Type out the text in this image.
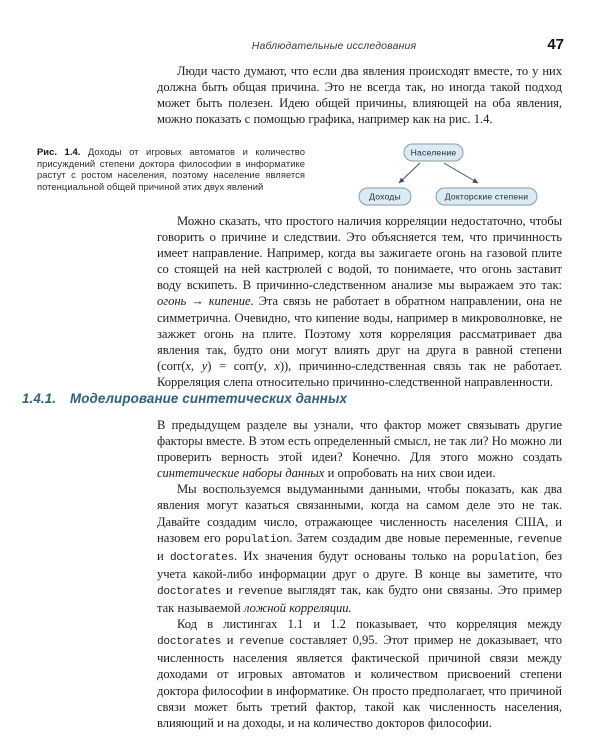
Наблюдательные исследования	47

Люди часто думают, что если два явления происходят вместе, то у них должна быть общая причина. Это не всегда так, но иногда такой подход может быть полезен. Идею общей причины, влияющей на оба явления, можно показать с помощью графика, например как на рис. 1.4.

Рис. 1.4. Доходы от игровых автоматов и количество присуждений степени доктора философии в информатике растут с ростом населения, поэтому население является потенциальной общей причиной этих двух явлений
Население
Доходы	Докторские степени

Можно сказать, что простого наличия корреляции недостаточно, чтобы говорить о причине и следствии. Это объясняется тем, что причинность имеет направление. Например, когда вы зажигаете огонь на газовой плите со стоящей на ней кастрюлей с водой, то понимаете, что огонь заставит воду вскипеть. В причинно-следственном анализе мы выражаем это так: огонь → кипение. Эта связь не работает в обратном направлении, она не симметрична. Очевидно, что кипение воды, например в микроволновке, не зажжет огонь на плите. Поэтому хотя корреляция рассматривает два явления так, будто они могут влиять друг на друга в равной степени (corr(x, y) = corr(y, x)), причинно-следственная связь так не работает. Корреляция слепа относительно причинно-следственной направленности.

1.4.1.	Моделирование синтетических данных

В предыдущем разделе вы узнали, что фактор может связывать другие факторы вместе. В этом есть определенный смысл, не так ли? Но можно ли проверить верность этой идеи? Конечно. Для этого можно создать синтетические наборы данных и опробовать на них свои идеи.

Мы воспользуемся выдуманными данными, чтобы показать, как два явления могут казаться связанными, когда на самом деле это не так. Давайте создадим число, отражающее численность населения США, и назовем его population. Затем создадим две новые переменные, revenue и doctorates. Их значения будут основаны только на population, без учета какой-либо информации друг о друге. В конце вы заметите, что doctorates и revenue выглядят так, как будто они связаны. Это пример так называемой ложной корреляции.

Код в листингах 1.1 и 1.2 показывает, что корреляция между doctorates и revenue составляет 0,95. Этот пример не доказывает, что численность населения является фактической причиной связи между доходами от игровых автоматов и количеством присвоений степени доктора философии в информатике. Он просто предполагает, что причиной связи может быть третий фактор, такой как численность населения, влияющий и на доходы, и на количество докторов философии.
